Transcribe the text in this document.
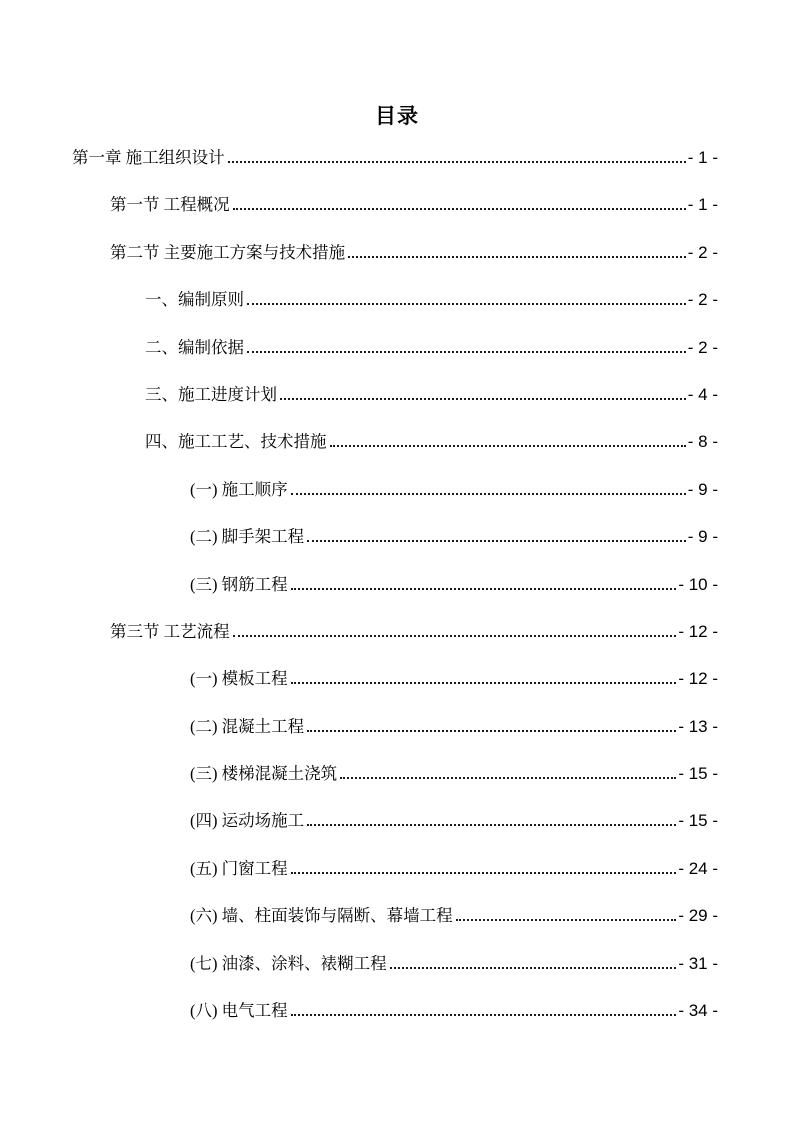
目录
第一章 施工组织设计	- 1 -
第一节 工程概况	- 1 -
第二节 主要施工方案与技术措施	- 2 -
一、编制原则	- 2 -
二、编制依据	- 2 -
三、施工进度计划	- 4 -
四、施工工艺、技术措施	- 8 -
(一) 施工顺序	- 9 -
(二) 脚手架工程	- 9 -
(三) 钢筋工程	- 10 -
第三节 工艺流程	- 12 -
(一) 模板工程	- 12 -
(二) 混凝土工程	- 13 -
(三) 楼梯混凝土浇筑	- 15 -
(四) 运动场施工	- 15 -
(五) 门窗工程	- 24 -
(六) 墙、柱面装饰与隔断、幕墙工程	- 29 -
(七) 油漆、涂料、裱糊工程	- 31 -
(八) 电气工程	- 34 -
